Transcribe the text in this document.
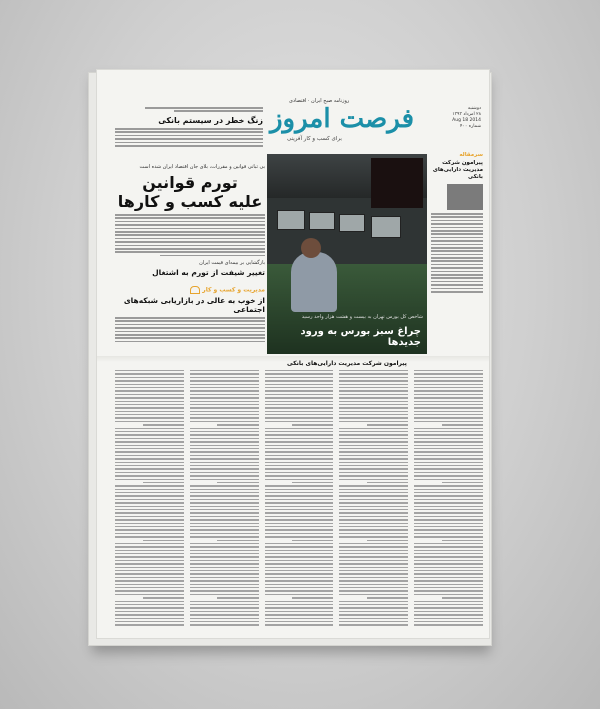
زنگ خطر در سیستم بانکی
روزنامه صبح ایران · اقتصادی
فرصت امروز
برای کسب و کار آفرینی
دوشنبه
۲۸ امرداد ۱۳۹۳
2014 Aug 18
شماره ۴۰۰
بی ثباتی قوانین و مقررات، بلای جان اقتصاد ایران شده است
تورم قوانین
علیه کسب و کارها
بازگشایی بر بیمه‌ای قیمت ایران
تغییر شیفت از تورم به اشتغال
مدیریت و کسب و کار
از خوب به عالی در بازاریابی شبکه‌های اجتماعی
شاخص کل بورس تهران به بیست و هشت هزار واحد رسید
چراغ سبز بورس به ورود جدیدها
سرمقاله
پیرامون شرکت مدیریت دارایی‌های بانکی
پیرامون شرکت مدیریت دارایی‌های بانکی
